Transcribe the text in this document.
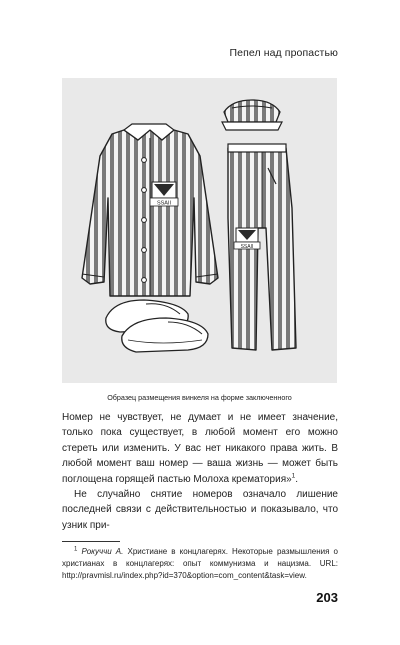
Пепел над пропастью
SSAII
SSAII
Образец размещения винкеля на форме заключенного

Номер не чувствует, не думает и не имеет значение, только пока существует, в любой момент его можно стереть или изменить. У вас нет никакого права жить. В любой момент ваш номер — ваша жизнь — может быть поглощена горящей пастью Молоха крематория»$^1$.

Не случайно снятие номеров означало лишение последней связи с действительностью и показывало, что узник при-

$^1$ Рокуччи А. Христиане в концлагерях. Некоторые размышления о христианах в концлагерях: опыт коммунизма и нацизма. URL: http://pravmisl.ru/index.php?id=370&option=com_content&task=view.
203
